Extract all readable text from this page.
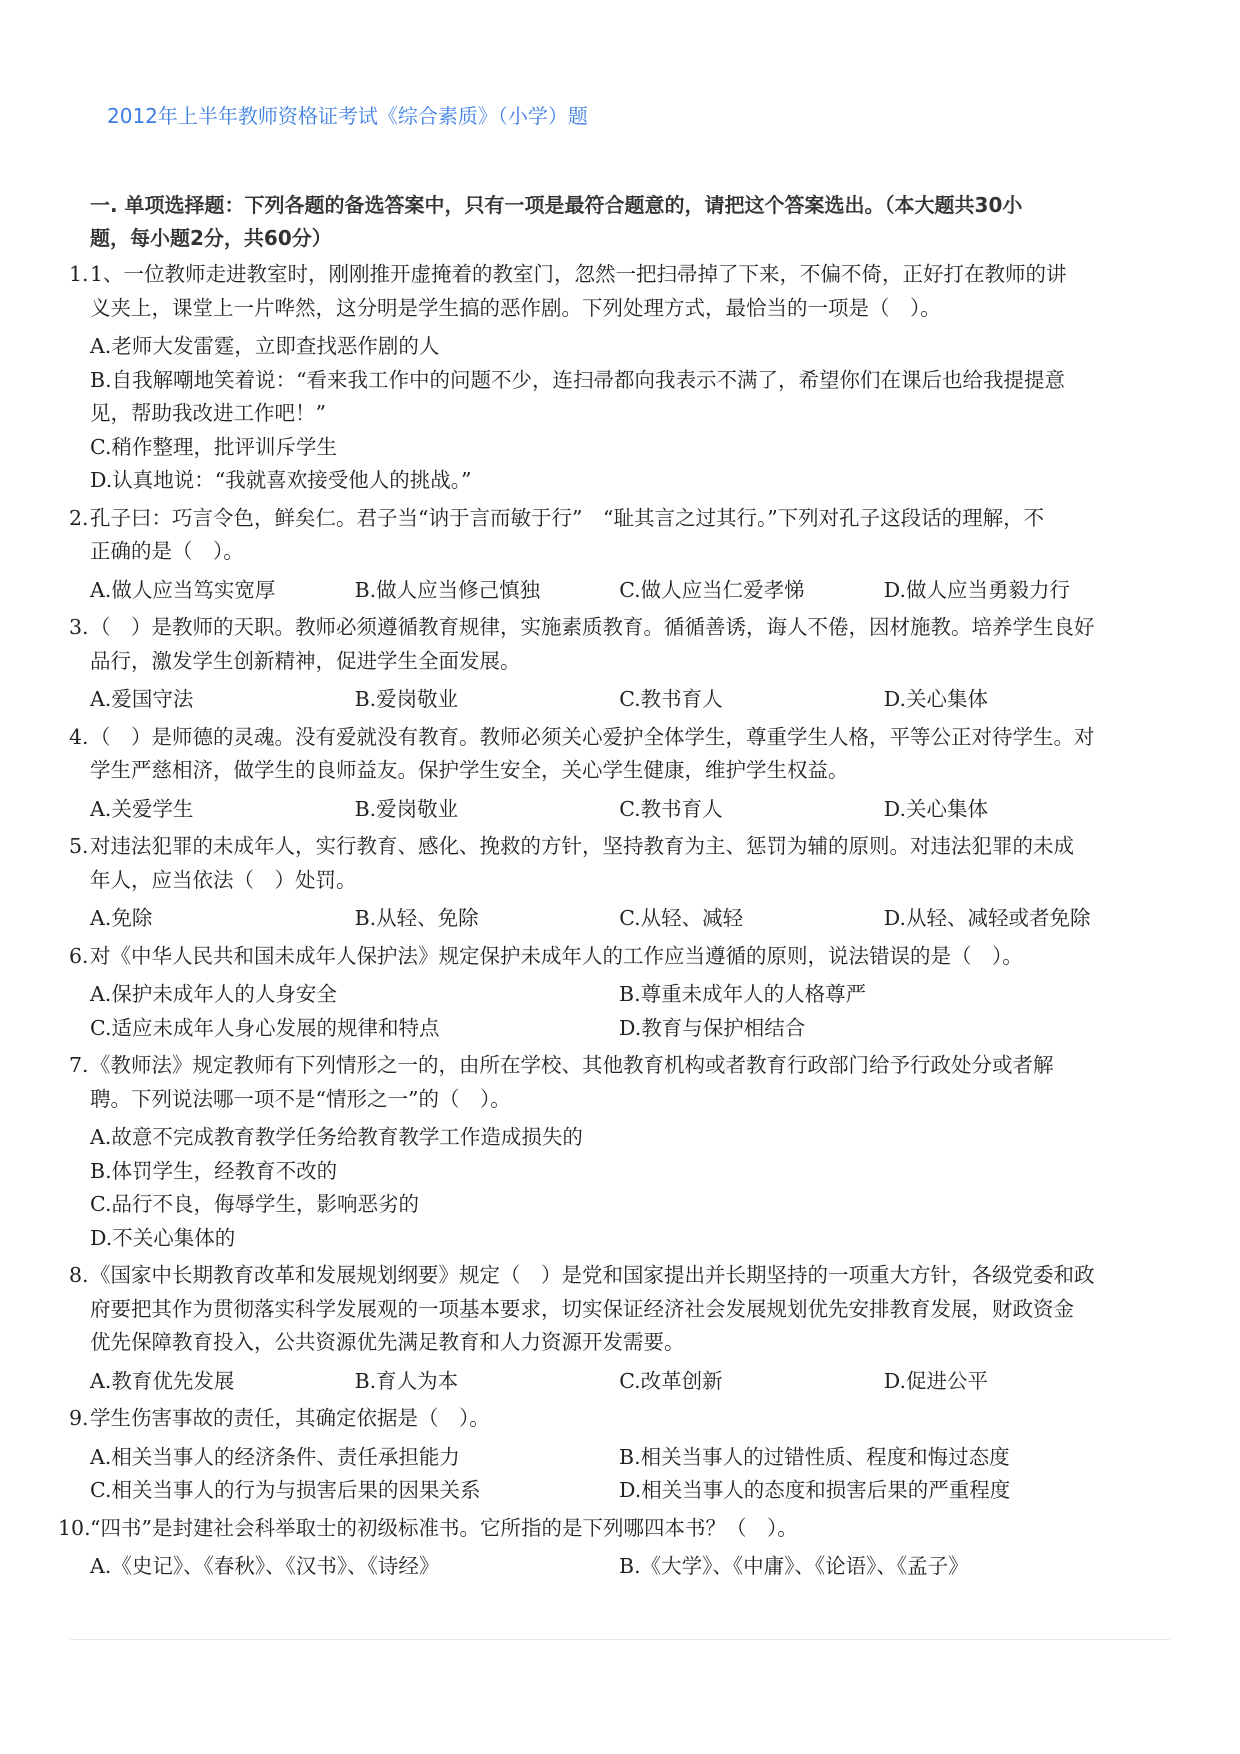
2012年上半年教师资格证考试《综合素质》（小学）题
一. 单项选择题：下列各题的备选答案中，只有一项是最符合题意的，请把这个答案选出。（本大题共30小
题，每小题2分，共60分）
1. 1、一位教师走进教室时，刚刚推开虚掩着的教室门，忽然一把扫帚掉了下来，不偏不倚，正好打在教师的讲
义夹上，课堂上一片哗然，这分明是学生搞的恶作剧。下列处理方式，最恰当的一项是（　）。
A.老师大发雷霆，立即查找恶作剧的人
B.自我解嘲地笑着说：“看来我工作中的问题不少，连扫帚都向我表示不满了，希望你们在课后也给我提提意
见，帮助我改进工作吧！”
C.稍作整理，批评训斥学生
D.认真地说：“我就喜欢接受他人的挑战。”
2. 孔子曰：巧言令色，鲜矣仁。君子当“讷于言而敏于行”　“耻其言之过其行。”下列对孔子这段话的理解，不
正确的是（　）。
A.做人应当笃实宽厚	B.做人应当修己慎独	C.做人应当仁爱孝悌	D.做人应当勇毅力行
3. （　）是教师的天职。教师必须遵循教育规律，实施素质教育。循循善诱，诲人不倦，因材施教。培养学生良好
品行，激发学生创新精神，促进学生全面发展。
A.爱国守法	B.爱岗敬业	C.教书育人	D.关心集体
4. （　）是师德的灵魂。没有爱就没有教育。教师必须关心爱护全体学生，尊重学生人格，平等公正对待学生。对
学生严慈相济，做学生的良师益友。保护学生安全，关心学生健康，维护学生权益。
A.关爱学生	B.爱岗敬业	C.教书育人	D.关心集体
5. 对违法犯罪的未成年人，实行教育、感化、挽救的方针，坚持教育为主、惩罚为辅的原则。对违法犯罪的未成
年人，应当依法（　）处罚。
A.免除	B.从轻、免除	C.从轻、减轻	D.从轻、减轻或者免除
6. 对《中华人民共和国未成年人保护法》规定保护未成年人的工作应当遵循的原则，说法错误的是（　）。
A.保护未成年人的人身安全	B.尊重未成年人的人格尊严
C.适应未成年人身心发展的规律和特点	D.教育与保护相结合
7. 《教师法》规定教师有下列情形之一的，由所在学校、其他教育机构或者教育行政部门给予行政处分或者解
聘。下列说法哪一项不是“情形之一”的（　）。
A.故意不完成教育教学任务给教育教学工作造成损失的
B.体罚学生，经教育不改的
C.品行不良，侮辱学生，影响恶劣的
D.不关心集体的
8. 《国家中长期教育改革和发展规划纲要》规定（　）是党和国家提出并长期坚持的一项重大方针，各级党委和政
府要把其作为贯彻落实科学发展观的一项基本要求，切实保证经济社会发展规划优先安排教育发展，财政资金
优先保障教育投入，公共资源优先满足教育和人力资源开发需要。
A.教育优先发展	B.育人为本	C.改革创新	D.促进公平
9. 学生伤害事故的责任，其确定依据是（　）。
A.相关当事人的经济条件、责任承担能力	B.相关当事人的过错性质、程度和悔过态度
C.相关当事人的行为与损害后果的因果关系	D.相关当事人的态度和损害后果的严重程度
10. “四书”是封建社会科举取士的初级标准书。它所指的是下列哪四本书？（　）。
A.《史记》、《春秋》、《汉书》、《诗经》	B.《大学》、《中庸》、《论语》、《孟子》
